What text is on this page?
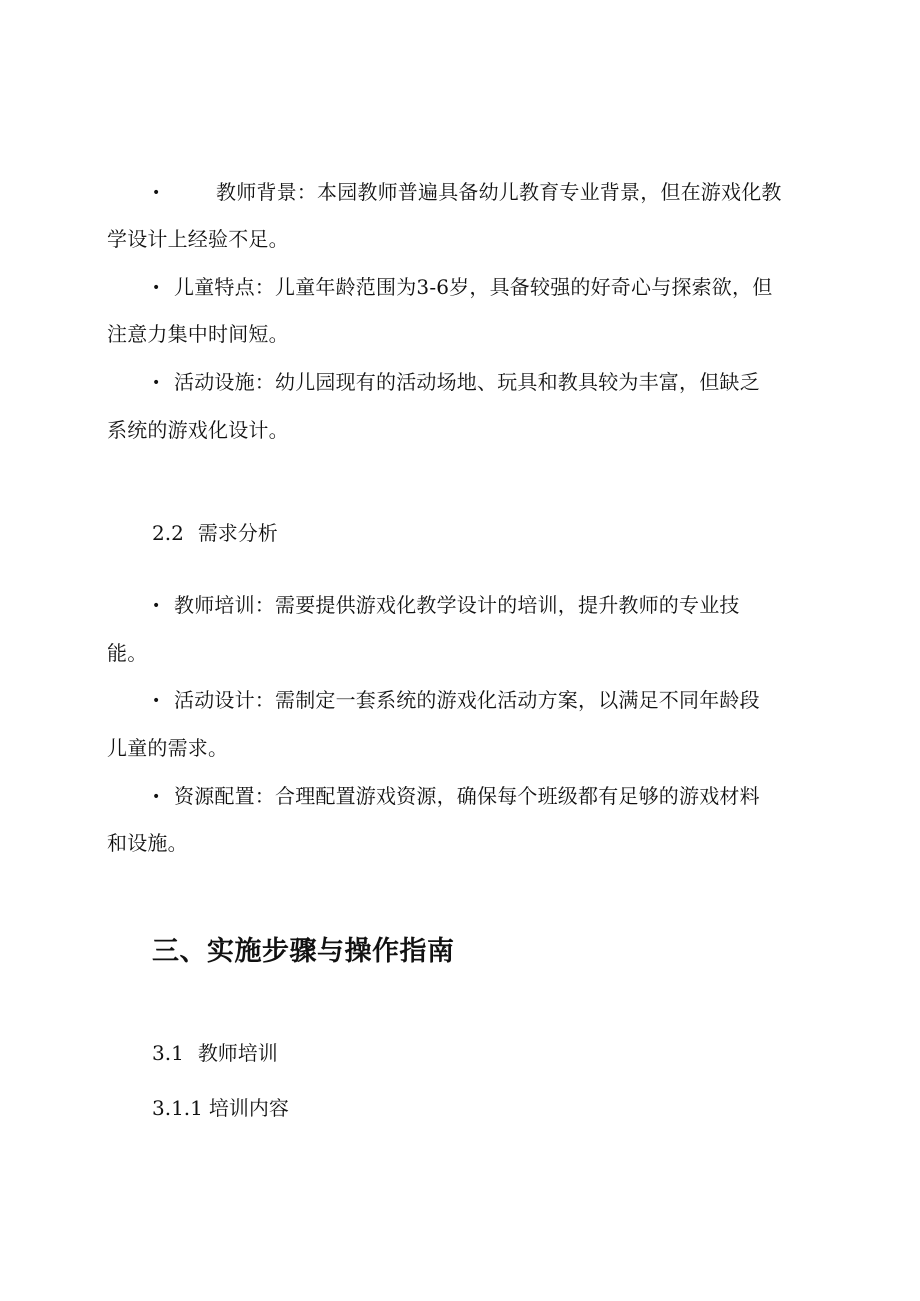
•	教师背景：本园教师普遍具备幼儿教育专业背景，但在游戏化教
学设计上经验不足。
• 儿童特点：儿童年龄范围为3-6岁，具备较强的好奇心与探索欲，但
注意力集中时间短。
• 活动设施：幼儿园现有的活动场地、玩具和教具较为丰富，但缺乏
系统的游戏化设计。
2.2 需求分析
• 教师培训：需要提供游戏化教学设计的培训，提升教师的专业技
能。
• 活动设计：需制定一套系统的游戏化活动方案，以满足不同年龄段
儿童的需求。
• 资源配置：合理配置游戏资源，确保每个班级都有足够的游戏材料
和设施。
三、实施步骤与操作指南
3.1 教师培训
3.1.1 培训内容
